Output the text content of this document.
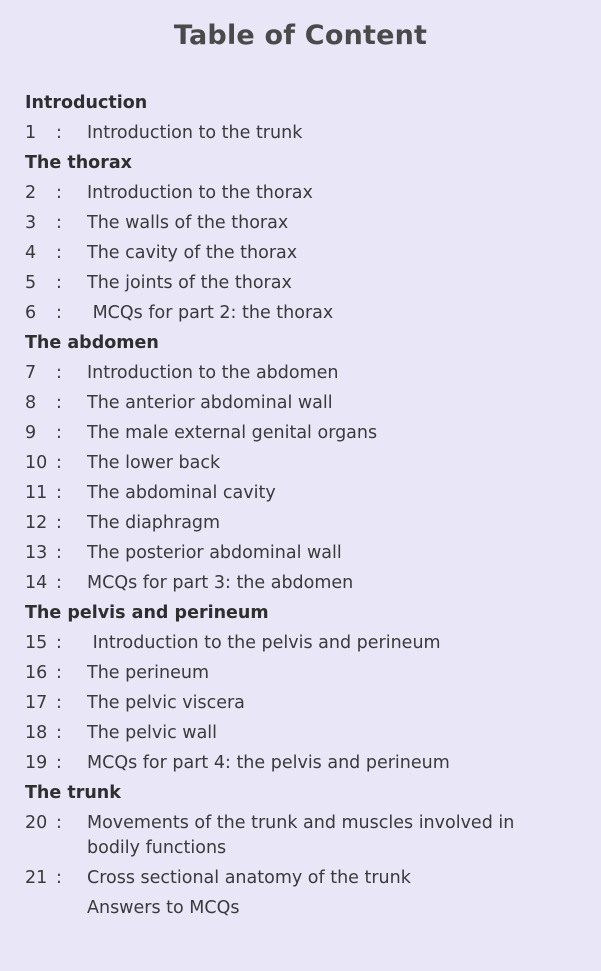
Table of Content
Introduction
1	:	Introduction to the trunk
The thorax
2	:	Introduction to the thorax
3	:	The walls of the thorax
4	:	The cavity of the thorax
5	:	The joints of the thorax
6	:	MCQs for part 2: the thorax
The abdomen
7	:	Introduction to the abdomen
8	:	The anterior abdominal wall
9	:	The male external genital organs
10 :	The lower back
11 :	The abdominal cavity
12 :	The diaphragm
13 :	The posterior abdominal wall
14 :	MCQs for part 3: the abdomen
The pelvis and perineum
15 :	Introduction to the pelvis and perineum
16 :	The perineum
17 :	The pelvic viscera
18 :	The pelvic wall
19 :	MCQs for part 4: the pelvis and perineum
The trunk
20 :	Movements of the trunk and muscles involved in bodily functions
21 :	Cross sectional anatomy of the trunk
Answers to MCQs
